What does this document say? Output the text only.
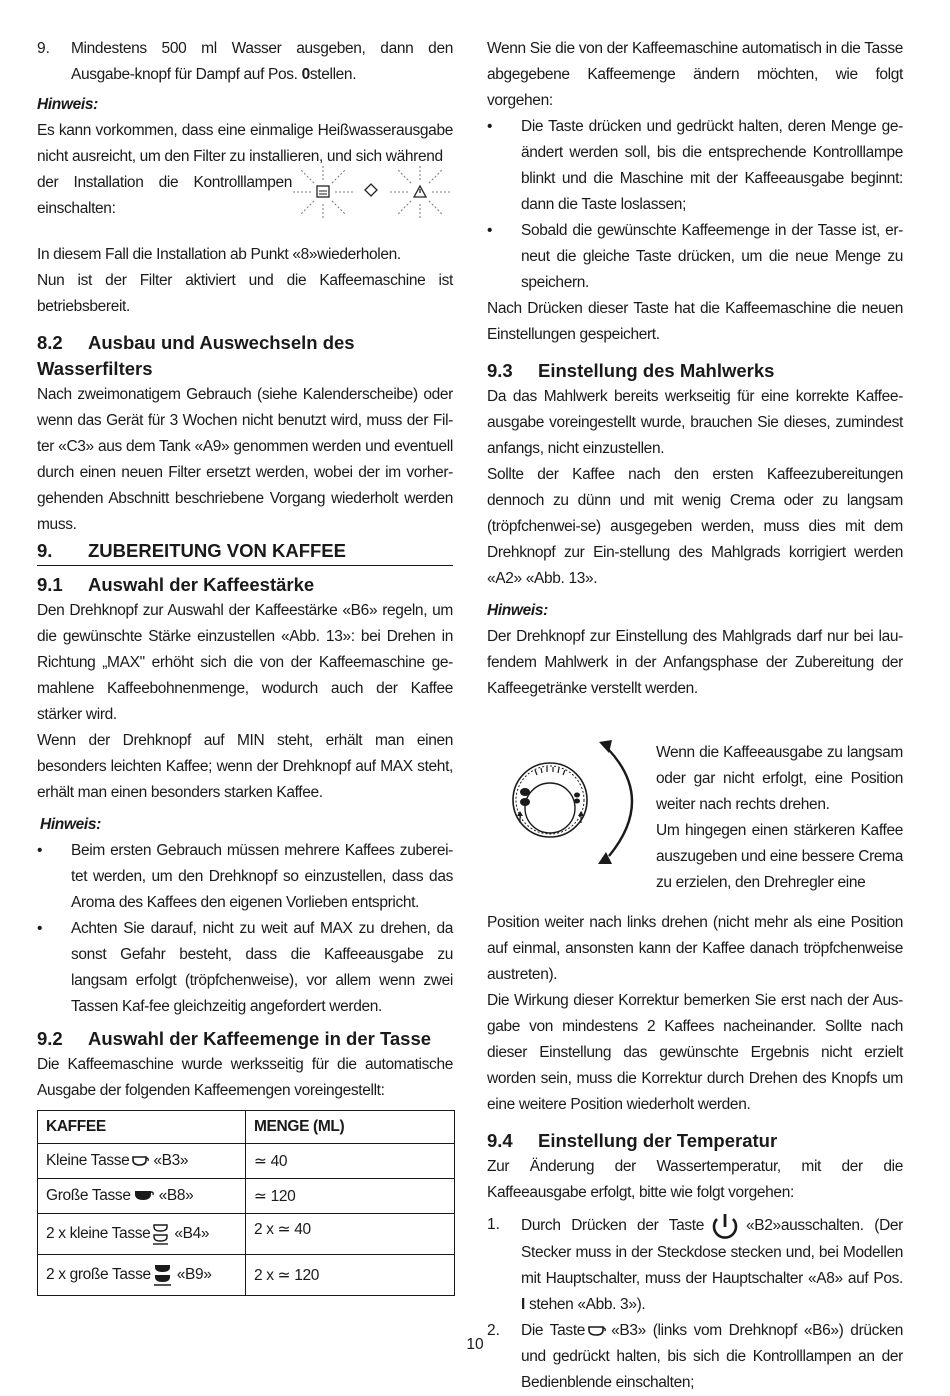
9. Mindestens 500 ml Wasser ausgeben, dann den Ausgabe-knopf für Dampf auf Pos. 0stellen.

Hinweis:

Es kann vorkommen, dass eine einmalige Heißwasserausgabe nicht ausreicht, um den Filter zu installieren, und sich während

der Installation die Kontrolllampen einschalten:

In diesem Fall die Installation ab Punkt «8»wiederholen.

Nun ist der Filter aktiviert und die Kaffeemaschine ist betriebsbereit.

8.2 Ausbau und Auswechseln des Wasserfilters

Nach zweimonatigem Gebrauch (siehe Kalenderscheibe) oder wenn das Gerät für 3 Wochen nicht benutzt wird, muss der Fil-ter «C3» aus dem Tank «A9» genommen werden und eventuell durch einen neuen Filter ersetzt werden, wobei der im vorher-gehenden Abschnitt beschriebene Vorgang wiederholt werden muss.

9. ZUBEREITUNG VON KAFFEE
9.1 Auswahl der Kaffeestärke

Den Drehknopf zur Auswahl der Kaffeestärke «B6» regeln, um die gewünschte Stärke einzustellen «Abb. 13»: bei Drehen in Richtung „MAX" erhöht sich die von der Kaffeemaschine ge-mahlene Kaffeebohnenmenge, wodurch auch der Kaffee stärker wird.

Wenn der Drehknopf auf MIN steht, erhält man einen besonders leichten Kaffee; wenn der Drehknopf auf MAX steht, erhält man einen besonders starken Kaffee.

Hinweis:

• Beim ersten Gebrauch müssen mehrere Kaffees zuberei-tet werden, um den Drehknopf so einzustellen, dass das Aroma des Kaffees den eigenen Vorlieben entspricht.

• Achten Sie darauf, nicht zu weit auf MAX zu drehen, da sonst Gefahr besteht, dass die Kaffeeausgabe zu langsam erfolgt (tröpfchenweise), vor allem wenn zwei Tassen Kaf-fee gleichzeitig angefordert werden.

9.2 Auswahl der Kaffeemenge in der Tasse

Die Kaffeemaschine wurde werksseitig für die automatische Ausgabe der folgenden Kaffeemengen voreingestellt:

KAFFEE	MENGE (ML)
Kleine Tasse «B3»	≃ 40
Große Tasse «B8»	≃ 120
2 x kleine Tasse «B4»	2 x ≃ 40
2 x große Tasse «B9»	2 x ≃ 120

Wenn Sie die von der Kaffeemaschine automatisch in die Tasse abgegebene Kaffeemenge ändern möchten, wie folgt vorgehen:

• Die Taste drücken und gedrückt halten, deren Menge ge-ändert werden soll, bis die entsprechende Kontrolllampe blinkt und die Maschine mit der Kaffeeausgabe beginnt: dann die Taste loslassen;

• Sobald die gewünschte Kaffeemenge in der Tasse ist, er-neut die gleiche Taste drücken, um die neue Menge zu speichern.

Nach Drücken dieser Taste hat die Kaffeemaschine die neuen Einstellungen gespeichert.

9.3 Einstellung des Mahlwerks

Da das Mahlwerk bereits werkseitig für eine korrekte Kaffee-ausgabe voreingestellt wurde, brauchen Sie dieses, zumindest anfangs, nicht einzustellen.

Sollte der Kaffee nach den ersten Kaffeezubereitungen dennoch zu dünn und mit wenig Crema oder zu langsam (tröpfchenwei-se) ausgegeben werden, muss dies mit dem Drehknopf zur Ein-stellung des Mahlgrads korrigiert werden «A2» «Abb. 13».

Hinweis:

Der Drehknopf zur Einstellung des Mahlgrads darf nur bei lau-fendem Mahlwerk in der Anfangsphase der Zubereitung der Kaffeegetränke verstellt werden.

Wenn die Kaffeeausgabe zu langsam oder gar nicht erfolgt, eine Position weiter nach rechts drehen.

Um hingegen einen stärkeren Kaffee auszugeben und eine bessere Crema zu erzielen, den Drehregler eine

Position weiter nach links drehen (nicht mehr als eine Position auf einmal, ansonsten kann der Kaffee danach tröpfchenweise austreten).

Die Wirkung dieser Korrektur bemerken Sie erst nach der Aus-gabe von mindestens 2 Kaffees nacheinander. Sollte nach dieser Einstellung das gewünschte Ergebnis nicht erzielt worden sein, muss die Korrektur durch Drehen des Knopfs um eine weitere Position wiederholt werden.

9.4 Einstellung der Temperatur

Zur Änderung der Wassertemperatur, mit der die Kaffeeausgabe erfolgt, bitte wie folgt vorgehen:

1. Durch Drücken der Taste	«B2»ausschalten. (Der Stecker muss in der Steckdose stecken und, bei Modellen mit Hauptschalter, muss der Hauptschalter «A8» auf Pos. I stehen «Abb. 3»).

2. Die Taste «B3» (links vom Drehknopf «B6») drücken und gedrückt halten, bis sich die Kontrolllampen an der Bedienblende einschalten;

10
